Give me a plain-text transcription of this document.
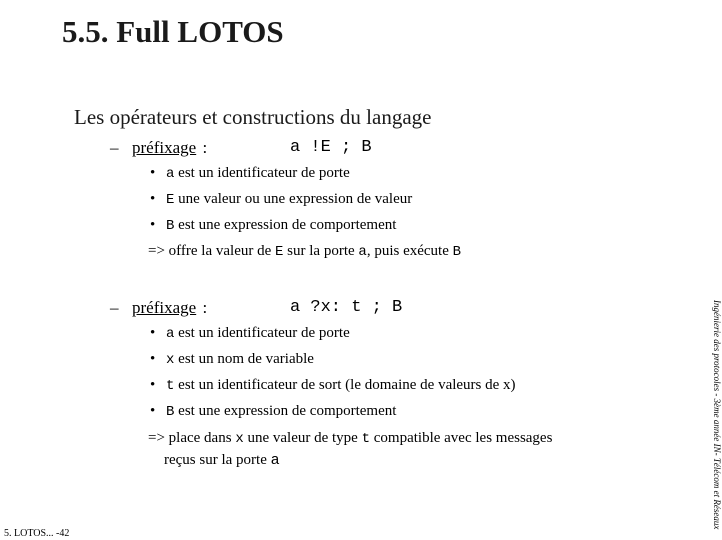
5.5. Full LOTOS
Les opérateurs et constructions du langage
– préfixage :	a !E ; B
• a est un identificateur de porte
• E une valeur ou une expression de valeur
• B est une expression de comportement
=> offre la valeur de E sur la porte a, puis exécute B
– préfixage :	a ?x: t ; B
• a est un identificateur de porte
• x est un nom de variable
• t est un identificateur de sort (le domaine de valeurs de x)
• B est une expression de comportement
=> place dans x une valeur de type t compatible avec les messages
reçus sur la porte a	Ingénierie des protocoles - 3ème année IN- Télécom et Réseaux
5. LOTOS... -42
